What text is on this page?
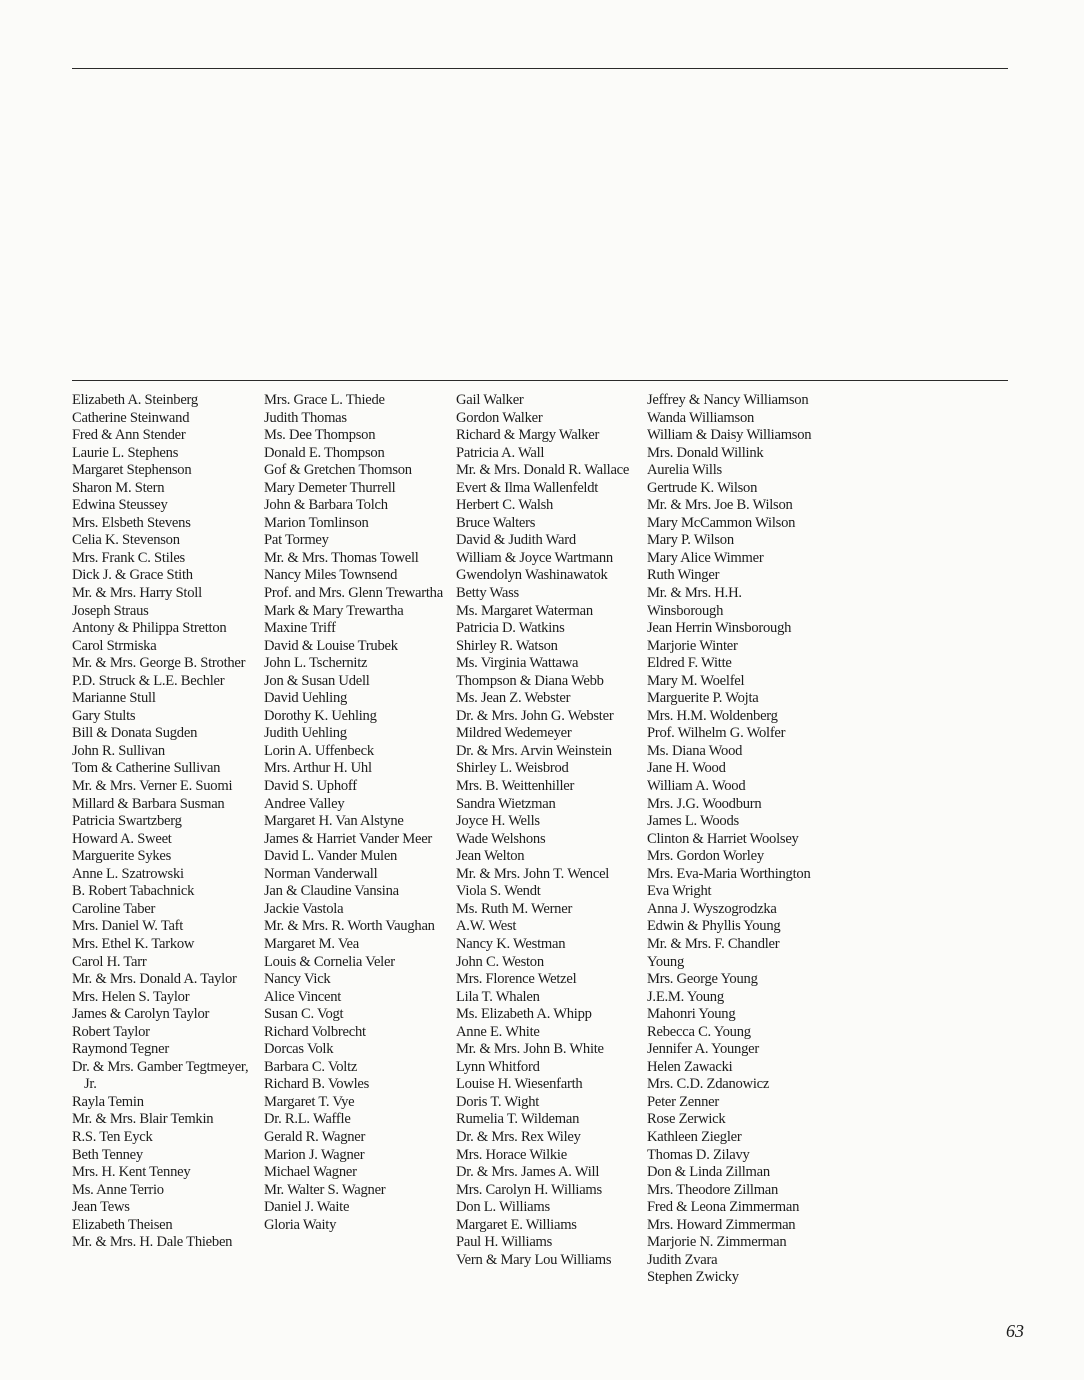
Elizabeth A. Steinberg
Catherine Steinwand
Fred & Ann Stender
Laurie L. Stephens
Margaret Stephenson
Sharon M. Stern
Edwina Steussey
Mrs. Elsbeth Stevens
Celia K. Stevenson
Mrs. Frank C. Stiles
Dick J. & Grace Stith
Mr. & Mrs. Harry Stoll
Joseph Straus
Antony & Philippa Stretton
Carol Strmiska
Mr. & Mrs. George B. Strother
P.D. Struck & L.E. Bechler
Marianne Stull
Gary Stults
Bill & Donata Sugden
John R. Sullivan
Tom & Catherine Sullivan
Mr. & Mrs. Verner E. Suomi
Millard & Barbara Susman
Patricia Swartzberg
Howard A. Sweet
Marguerite Sykes
Anne L. Szatrowski
B. Robert Tabachnick
Caroline Taber
Mrs. Daniel W. Taft
Mrs. Ethel K. Tarkow
Carol H. Tarr
Mr. & Mrs. Donald A. Taylor
Mrs. Helen S. Taylor
James & Carolyn Taylor
Robert Taylor
Raymond Tegner
Dr. & Mrs. Gamber Tegtmeyer, Jr.
Rayla Temin
Mr. & Mrs. Blair Temkin
R.S. Ten Eyck
Beth Tenney
Mrs. H. Kent Tenney
Ms. Anne Terrio
Jean Tews
Elizabeth Theisen
Mr. & Mrs. H. Dale Thieben
Mrs. Grace L. Thiede
Judith Thomas
Ms. Dee Thompson
Donald E. Thompson
Gof & Gretchen Thomson
Mary Demeter Thurrell
John & Barbara Tolch
Marion Tomlinson
Pat Tormey
Mr. & Mrs. Thomas Towell
Nancy Miles Townsend
Prof. and Mrs. Glenn Trewartha
Mark & Mary Trewartha
Maxine Triff
David & Louise Trubek
John L. Tschernitz
Jon & Susan Udell
David Uehling
Dorothy K. Uehling
Judith Uehling
Lorin A. Uffenbeck
Mrs. Arthur H. Uhl
David S. Uphoff
Andree Valley
Margaret H. Van Alstyne
James & Harriet Vander Meer
David L. Vander Mulen
Norman Vanderwall
Jan & Claudine Vansina
Jackie Vastola
Mr. & Mrs. R. Worth Vaughan
Margaret M. Vea
Louis & Cornelia Veler
Nancy Vick
Alice Vincent
Susan C. Vogt
Richard Volbrecht
Dorcas Volk
Barbara C. Voltz
Richard B. Vowles
Margaret T. Vye
Dr. R.L. Waffle
Gerald R. Wagner
Marion J. Wagner
Michael Wagner
Mr. Walter S. Wagner
Daniel J. Waite
Gloria Waity
Gail Walker
Gordon Walker
Richard & Margy Walker
Patricia A. Wall
Mr. & Mrs. Donald R. Wallace
Evert & Ilma Wallenfeldt
Herbert C. Walsh
Bruce Walters
David & Judith Ward
William & Joyce Wartmann
Gwendolyn Washinawatok
Betty Wass
Ms. Margaret Waterman
Patricia D. Watkins
Shirley R. Watson
Ms. Virginia Wattawa
Thompson & Diana Webb
Ms. Jean Z. Webster
Dr. & Mrs. John G. Webster
Mildred Wedemeyer
Dr. & Mrs. Arvin Weinstein
Shirley L. Weisbrod
Mrs. B. Weittenhiller
Sandra Wietzman
Joyce H. Wells
Wade Welshons
Jean Welton
Mr. & Mrs. John T. Wencel
Viola S. Wendt
Ms. Ruth M. Werner
A.W. West
Nancy K. Westman
John C. Weston
Mrs. Florence Wetzel
Lila T. Whalen
Ms. Elizabeth A. Whipp
Anne E. White
Mr. & Mrs. John B. White
Lynn Whitford
Louise H. Wiesenfarth
Doris T. Wight
Rumelia T. Wildeman
Dr. & Mrs. Rex Wiley
Mrs. Horace Wilkie
Dr. & Mrs. James A. Will
Mrs. Carolyn H. Williams
Don L. Williams
Margaret E. Williams
Paul H. Williams
Vern & Mary Lou Williams
Jeffrey & Nancy Williamson
Wanda Williamson
William & Daisy Williamson
Mrs. Donald Willink
Aurelia Wills
Gertrude K. Wilson
Mr. & Mrs. Joe B. Wilson
Mary McCammon Wilson
Mary P. Wilson
Mary Alice Wimmer
Ruth Winger
Mr. & Mrs. H.H.
Winsborough
Jean Herrin Winsborough
Marjorie Winter
Eldred F. Witte
Mary M. Woelfel
Marguerite P. Wojta
Mrs. H.M. Woldenberg
Prof. Wilhelm G. Wolfer
Ms. Diana Wood
Jane H. Wood
William A. Wood
Mrs. J.G. Woodburn
James L. Woods
Clinton & Harriet Woolsey
Mrs. Gordon Worley
Mrs. Eva-Maria Worthington
Eva Wright
Anna J. Wyszogrodzka
Edwin & Phyllis Young
Mr. & Mrs. F. Chandler
Young
Mrs. George Young
J.E.M. Young
Mahonri Young
Rebecca C. Young
Jennifer A. Younger
Helen Zawacki
Mrs. C.D. Zdanowicz
Peter Zenner
Rose Zerwick
Kathleen Ziegler
Thomas D. Zilavy
Don & Linda Zillman
Mrs. Theodore Zillman
Fred & Leona Zimmerman
Mrs. Howard Zimmerman
Marjorie N. Zimmerman
Judith Zvara
Stephen Zwicky
63
